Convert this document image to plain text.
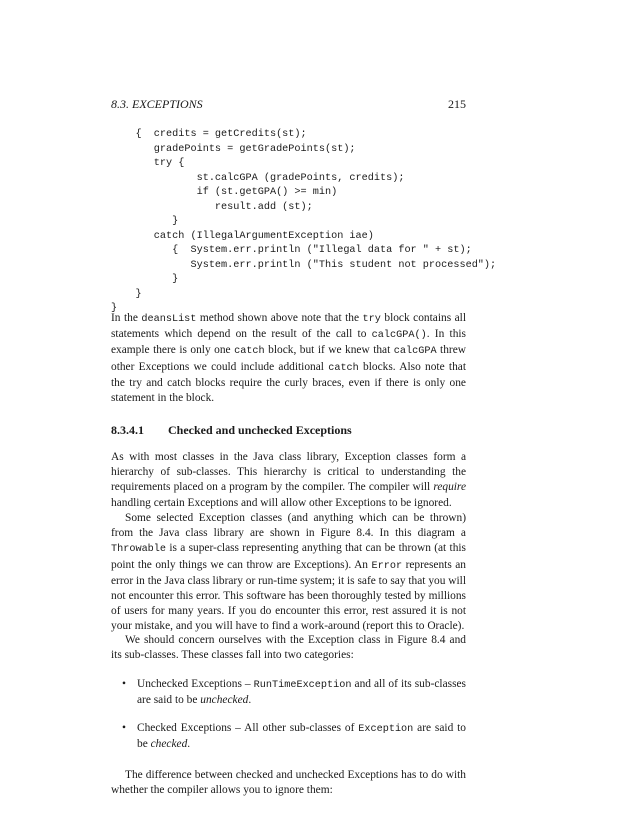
8.3. EXCEPTIONS	215
{  credits = getCredits(st);
gradePoints = getGradePoints(st);
try {
st.calcGPA (gradePoints, credits);
if (st.getGPA() >= min)
result.add (st);
}
catch (IllegalArgumentException iae)
{  System.err.println ("Illegal data for " + st);
System.err.println ("This student not processed");
}
}
}

In the deansList method shown above note that the try block contains all statements which depend on the result of the call to calcGPA(). In this example there is only one catch block, but if we knew that calcGPA threw other Exceptions we could include additional catch blocks. Also note that the try and catch blocks require the curly braces, even if there is only one statement in the block.

8.3.4.1 Checked and unchecked Exceptions

As with most classes in the Java class library, Exception classes form a hierarchy of sub-classes. This hierarchy is critical to understanding the requirements placed on a program by the compiler. The compiler will require handling certain Exceptions and will allow other Exceptions to be ignored.

Some selected Exception classes (and anything which can be thrown) from the Java class library are shown in Figure 8.4. In this diagram a Throwable is a super-class representing anything that can be thrown (at this point the only things we can throw are Exceptions). An Error represents an error in the Java class library or run-time system; it is safe to say that you will not encounter this error. This software has been thoroughly tested by millions of users for many years. If you do encounter this error, rest assured it is not your mistake, and you will have to find a work-around (report this to Oracle).

We should concern ourselves with the Exception class in Figure 8.4 and its sub-classes. These classes fall into two categories:

• Unchecked Exceptions – RunTimeException and all of its sub-classes are said to be unchecked.
• Checked Exceptions – All other sub-classes of Exception are said to be checked.

The difference between checked and unchecked Exceptions has to do with whether the compiler allows you to ignore them:
